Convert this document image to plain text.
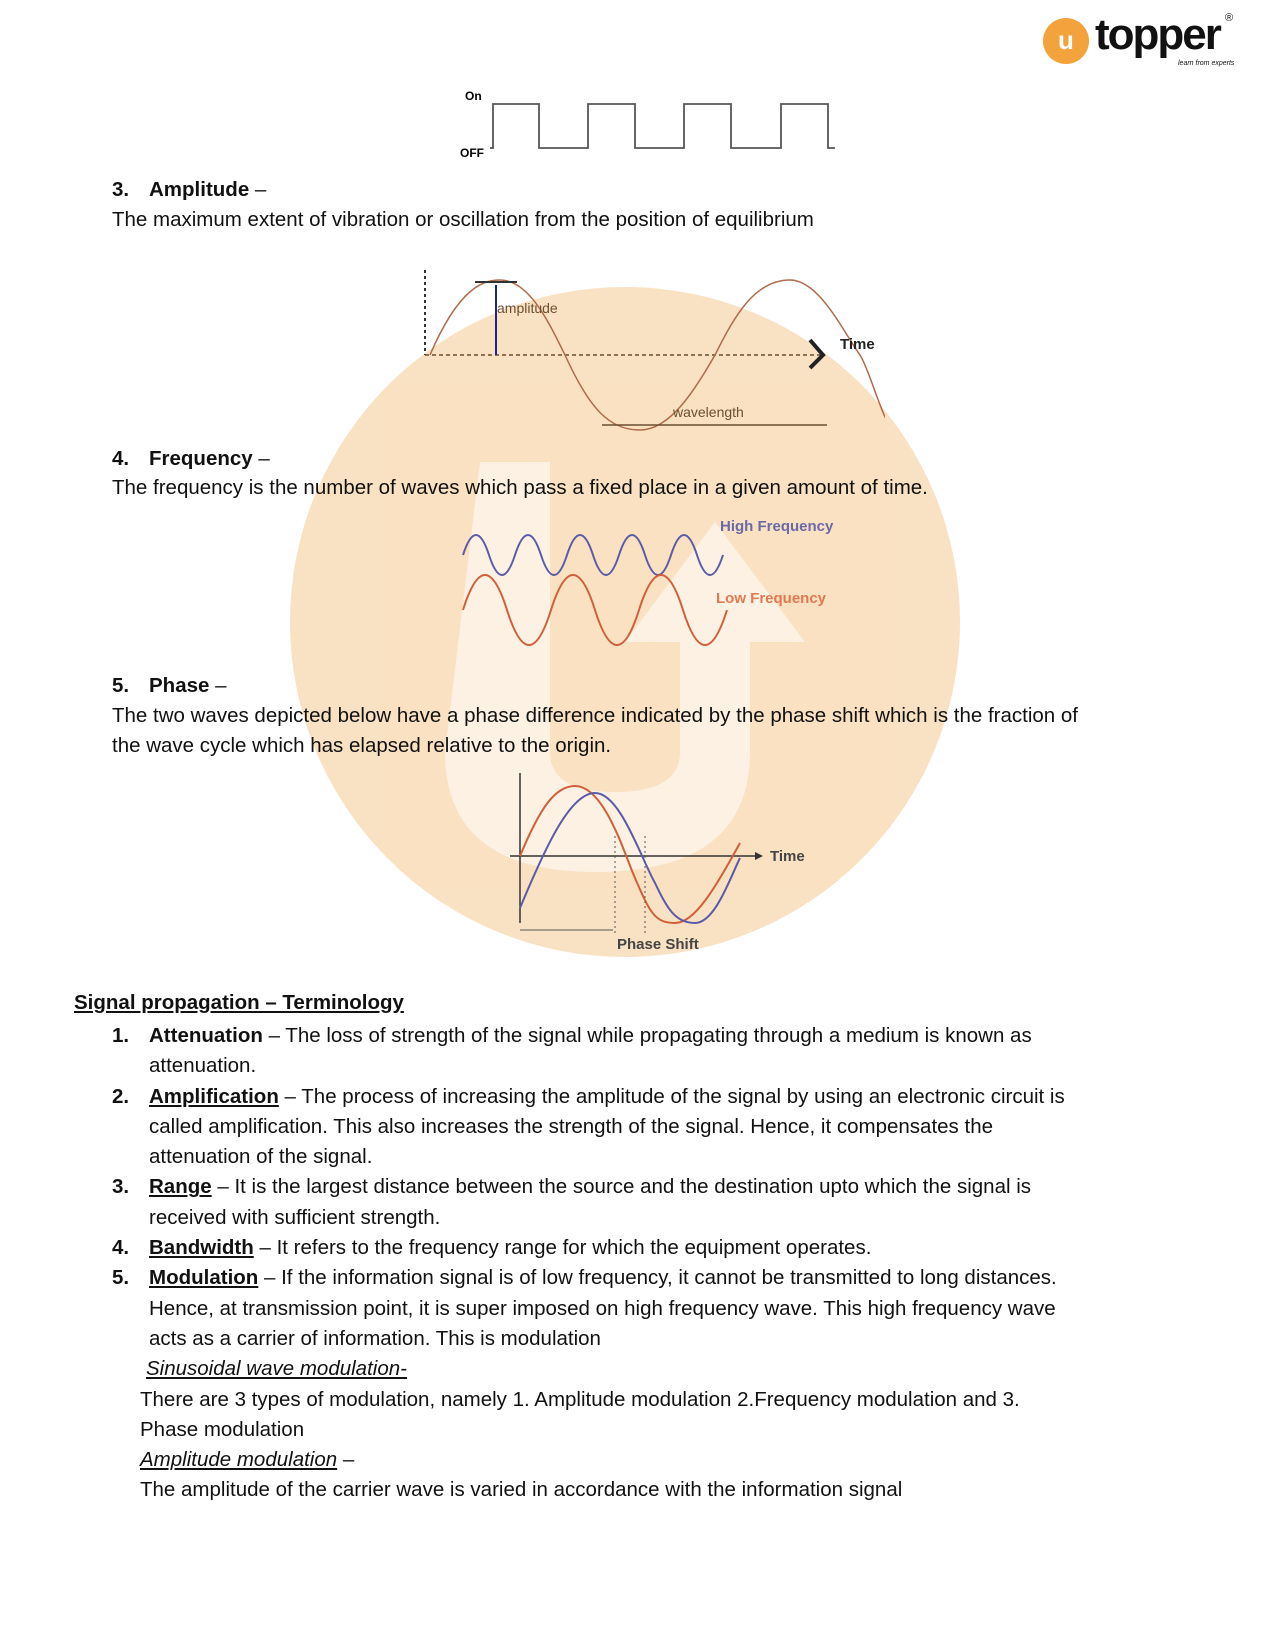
u topper ®
learn from experts
On
OFF
3. Amplitude –
The maximum extent of vibration or oscillation from the position of equilibrium
amplitude
Time
wavelength
4. Frequency –
The frequency is the number of waves which pass a fixed place in a given amount of time.
High Frequency
Low Frequency
5. Phase –
The two waves depicted below have a phase difference indicated by the phase shift which is the fraction of
the wave cycle which has elapsed relative to the origin.
Time
Phase Shift
Signal propagation – Terminology
1. Attenuation – The loss of strength of the signal while propagating through a medium is known as
attenuation.
2. Amplification – The process of increasing the amplitude of the signal by using an electronic circuit is
called amplification. This also increases the strength of the signal. Hence, it compensates the
attenuation of the signal.
3. Range – It is the largest distance between the source and the destination upto which the signal is
received with sufficient strength.
4. Bandwidth – It refers to the frequency range for which the equipment operates.
5. Modulation – If the information signal is of low frequency, it cannot be transmitted to long distances.
Hence, at transmission point, it is super imposed on high frequency wave. This high frequency wave
acts as a carrier of information. This is modulation
Sinusoidal wave modulation-
There are 3 types of modulation, namely 1. Amplitude modulation 2.Frequency modulation and 3.
Phase modulation
Amplitude modulation –
The amplitude of the carrier wave is varied in accordance with the information signal
